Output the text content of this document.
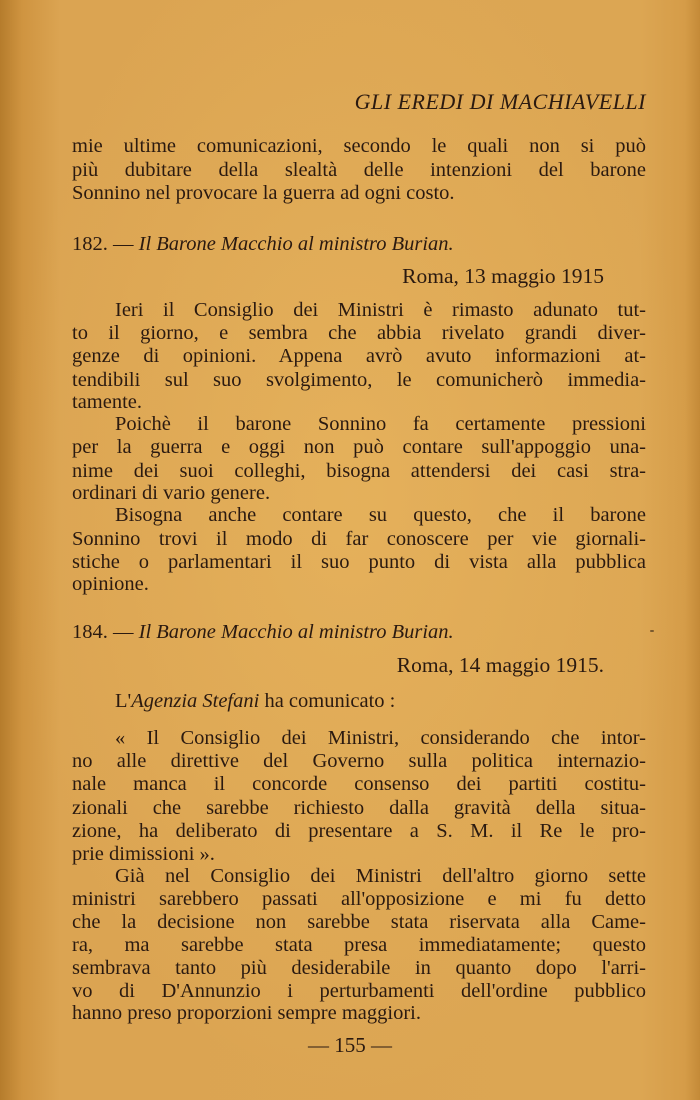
GLI EREDI DI MACHIAVELLI
mie ultime comunicazioni, secondo le quali non si può
più dubitare della slealtà delle intenzioni del barone
Sonnino nel provocare la guerra ad ogni costo.
182. — Il Barone Macchio al ministro Burian.
Roma, 13 maggio 1915
Ieri il Consiglio dei Ministri è rimasto adunato tut-
to il giorno, e sembra che abbia rivelato grandi diver-
genze di opinioni. Appena avrò avuto informazioni at-
tendibili sul suo svolgimento, le comunicherò immedia-
tamente.
Poichè il barone Sonnino fa certamente pressioni
per la guerra e oggi non può contare sull'appoggio una-
nime dei suoi colleghi, bisogna attendersi dei casi stra-
ordinari di vario genere.
Bisogna anche contare su questo, che il barone
Sonnino trovi il modo di far conoscere per vie giornali-
stiche o parlamentari il suo punto di vista alla pubblica
opinione.
184. — Il Barone Macchio al ministro Burian.
Roma, 14 maggio 1915.
L'Agenzia Stefani ha comunicato :
« Il Consiglio dei Ministri, considerando che intor-
no alle direttive del Governo sulla politica internazio-
nale manca il concorde consenso dei partiti costitu-
zionali che sarebbe richiesto dalla gravità della situa-
zione, ha deliberato di presentare a S. M. il Re le pro-
prie dimissioni ».
Già nel Consiglio dei Ministri dell'altro giorno sette
ministri sarebbero passati all'opposizione e mi fu detto
che la decisione non sarebbe stata riservata alla Came-
ra, ma sarebbe stata presa immediatamente; questo
sembrava tanto più desiderabile in quanto dopo l'arri-
vo di D'Annunzio i perturbamenti dell'ordine pubblico
hanno preso proporzioni sempre maggiori.
— 155 —
